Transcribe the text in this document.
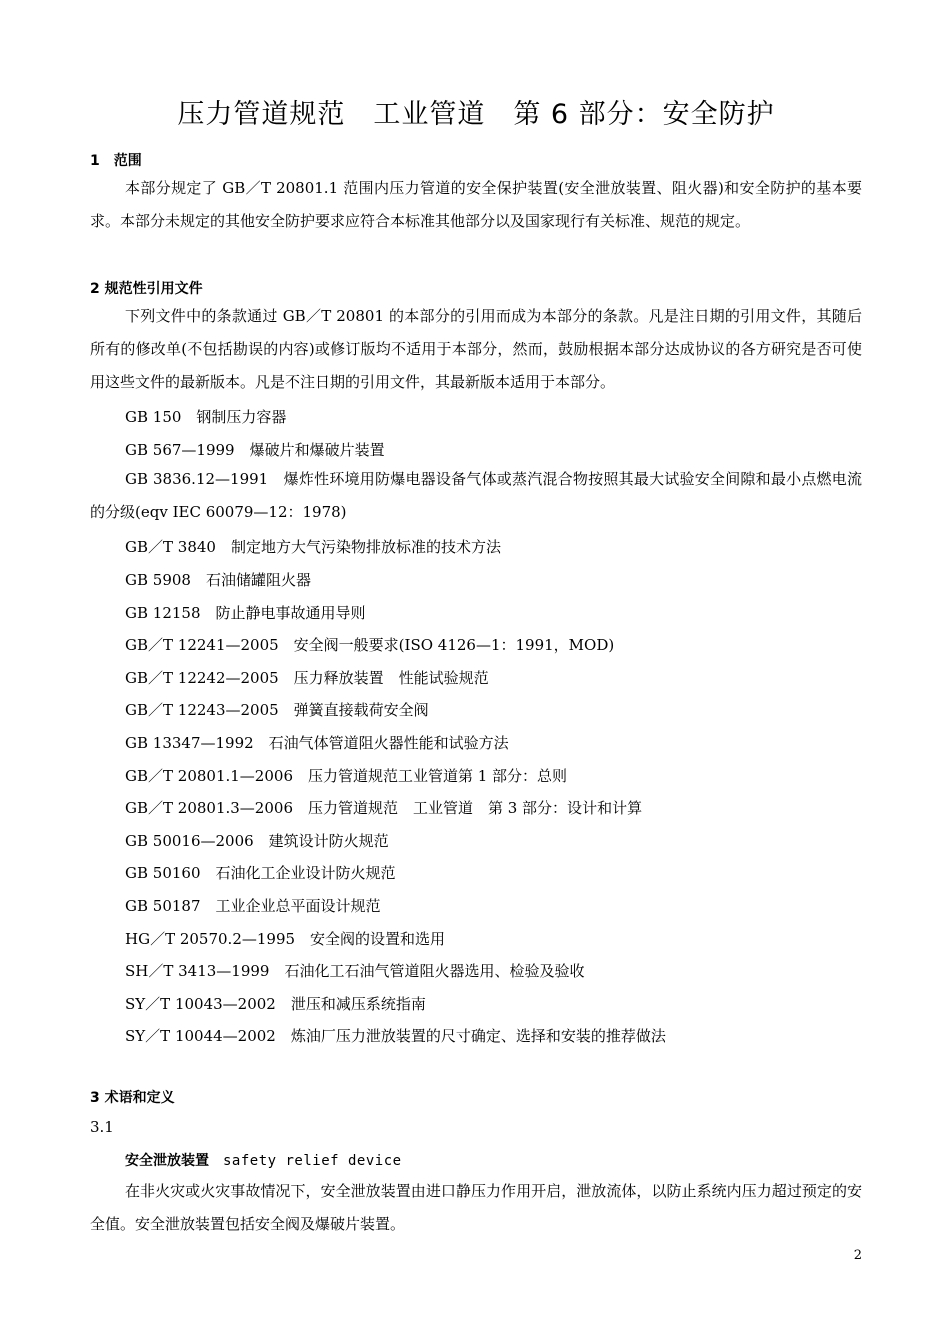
压力管道规范　工业管道　第 6 部分：安全防护
1　范围

本部分规定了 GB／T 20801.1 范围内压力管道的安全保护装置(安全泄放装置、阻火器)和安全防护的基本要求。本部分未规定的其他安全防护要求应符合本标准其他部分以及国家现行有关标准、规范的规定。

2 规范性引用文件

下列文件中的条款通过 GB／T 20801 的本部分的引用而成为本部分的条款。凡是注日期的引用文件，其随后所有的修改单(不包括勘误的内容)或修订版均不适用于本部分，然而，鼓励根据本部分达成协议的各方研究是否可使用这些文件的最新版本。凡是不注日期的引用文件，其最新版本适用于本部分。

GB 150　钢制压力容器
GB 567—1999　爆破片和爆破片装置
GB 3836.12—1991　爆炸性环境用防爆电器设备气体或蒸汽混合物按照其最大试验安全间隙和最小点燃电流的分级(eqv IEC 60079—12：1978)
GB／T 3840　制定地方大气污染物排放标准的技术方法
GB 5908　石油储罐阻火器
GB 12158　防止静电事故通用导则
GB／T 12241—2005　安全阀一般要求(ISO 4126—1：1991，MOD)
GB／T 12242—2005　压力释放装置　性能试验规范
GB／T 12243—2005　弹簧直接载荷安全阀
GB 13347—1992　石油气体管道阻火器性能和试验方法
GB／T 20801.1—2006　压力管道规范工业管道第 1 部分：总则
GB／T 20801.3—2006　压力管道规范　工业管道　第 3 部分：设计和计算
GB 50016—2006　建筑设计防火规范
GB 50160　石油化工企业设计防火规范
GB 50187　工业企业总平面设计规范
HG／T 20570.2—1995　安全阀的设置和选用
SH／T 3413—1999　石油化工石油气管道阻火器选用、检验及验收
SY／T 10043—2002　泄压和减压系统指南
SY／T 10044—2002　炼油厂压力泄放装置的尺寸确定、选择和安装的推荐做法
3 术语和定义
3.1
安全泄放装置　 safety relief device

在非火灾或火灾事故情况下，安全泄放装置由进口静压力作用开启，泄放流体，以防止系统内压力超过预定的安全值。安全泄放装置包括安全阀及爆破片装置。

2
